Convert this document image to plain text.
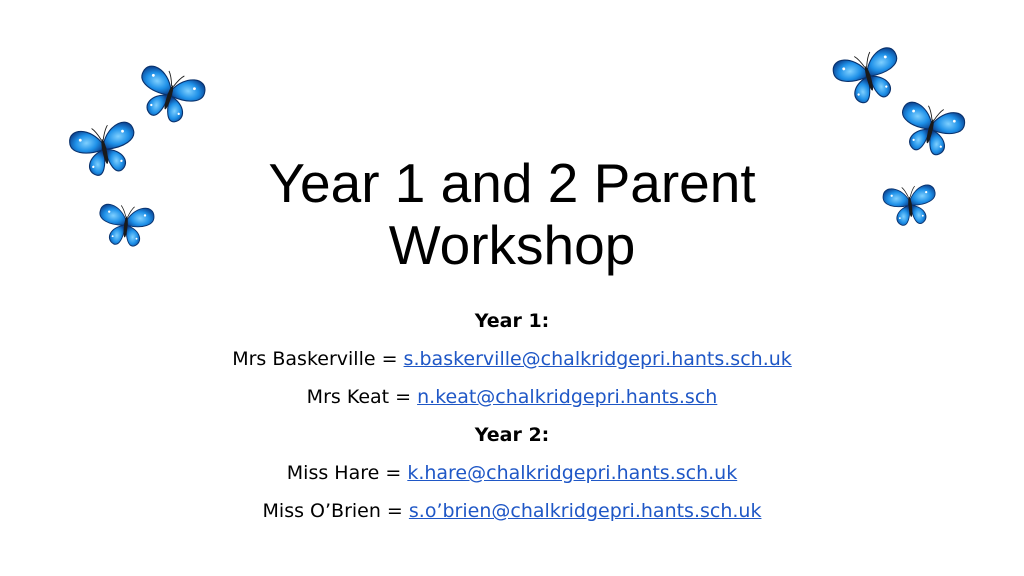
Year 1 and 2 Parent
Workshop
Year 1:
Mrs Baskerville = s.baskerville@chalkridgepri.hants.sch.uk
Mrs Keat = n.keat@chalkridgepri.hants.sch
Year 2:
Miss Hare = k.hare@chalkridgepri.hants.sch.uk
Miss O’Brien = s.o’brien@chalkridgepri.hants.sch.uk
